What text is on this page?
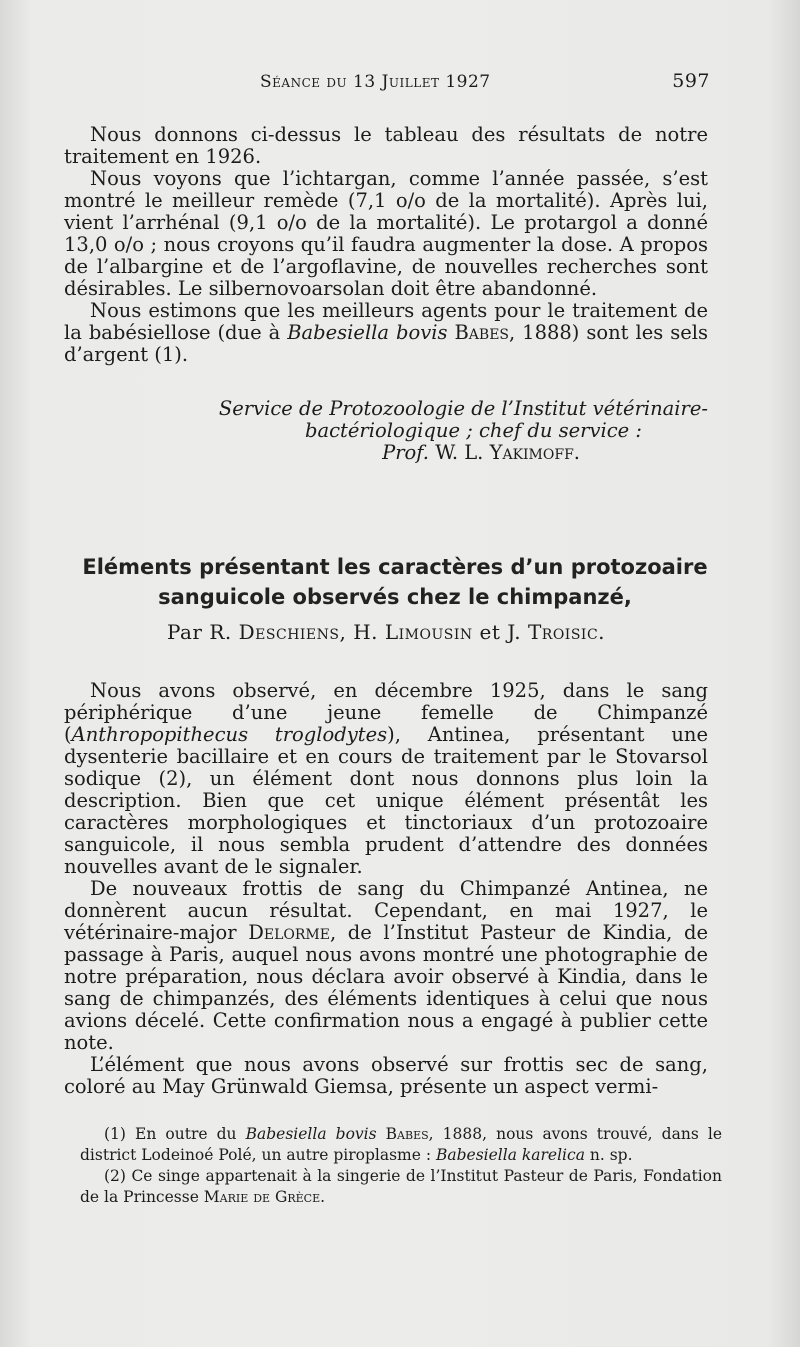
Séance du 13 Juillet 1927	597

Nous donnons ci-dessus le tableau des résultats de notre traitement en 1926.

Nous voyons que l’ichtargan, comme l’année passée, s’est montré le meilleur remède (7,1 o/o de la mortalité). Après lui, vient l’arrhénal (9,1 o/o de la mortalité). Le protargol a donné 13,0 o/o ; nous croyons qu’il faudra augmenter la dose. A propos de l’albargine et de l’argoflavine, de nouvelles recherches sont désirables. Le silbernovoarsolan doit être abandonné.

Nous estimons que les meilleurs agents pour le traitement de la babésiellose (due à Babesiella bovis Babes, 1888) sont les sels d’argent (1).

Service de Protozoologie de l’Institut vétérinaire-
bactériologique ; chef du service :
Prof. W. L. Yakimoff.
Eléments présentant les caractères d’un protozoaire
sanguicole observés chez le chimpanzé,
Par R. Deschiens, H. Limousin et J. Troisic.

Nous avons observé, en décembre 1925, dans le sang périphérique d’une jeune femelle de Chimpanzé (Anthropopithecus troglodytes), Antinea, présentant une dysenterie bacillaire et en cours de traitement par le Stovarsol sodique (2), un élément dont nous donnons plus loin la description. Bien que cet unique élément présentât les caractères morphologiques et tinctoriaux d’un protozoaire sanguicole, il nous sembla prudent d’attendre des données nouvelles avant de le signaler.

De nouveaux frottis de sang du Chimpanzé Antinea, ne donnèrent aucun résultat. Cependant, en mai 1927, le vétérinaire-major Delorme, de l’Institut Pasteur de Kindia, de passage à Paris, auquel nous avons montré une photographie de notre préparation, nous déclara avoir observé à Kindia, dans le sang de chimpanzés, des éléments identiques à celui que nous avions décelé. Cette confirmation nous a engagé à publier cette note.

L’élément que nous avons observé sur frottis sec de sang, coloré au May Grünwald Giemsa, présente un aspect vermi-

(1) En outre du Babesiella bovis Babes, 1888, nous avons trouvé, dans le district Lodeinoé Polé, un autre piroplasme : Babesiella karelica n. sp.

(2) Ce singe appartenait à la singerie de l’Institut Pasteur de Paris, Fondation de la Princesse Marie de Grèce.
